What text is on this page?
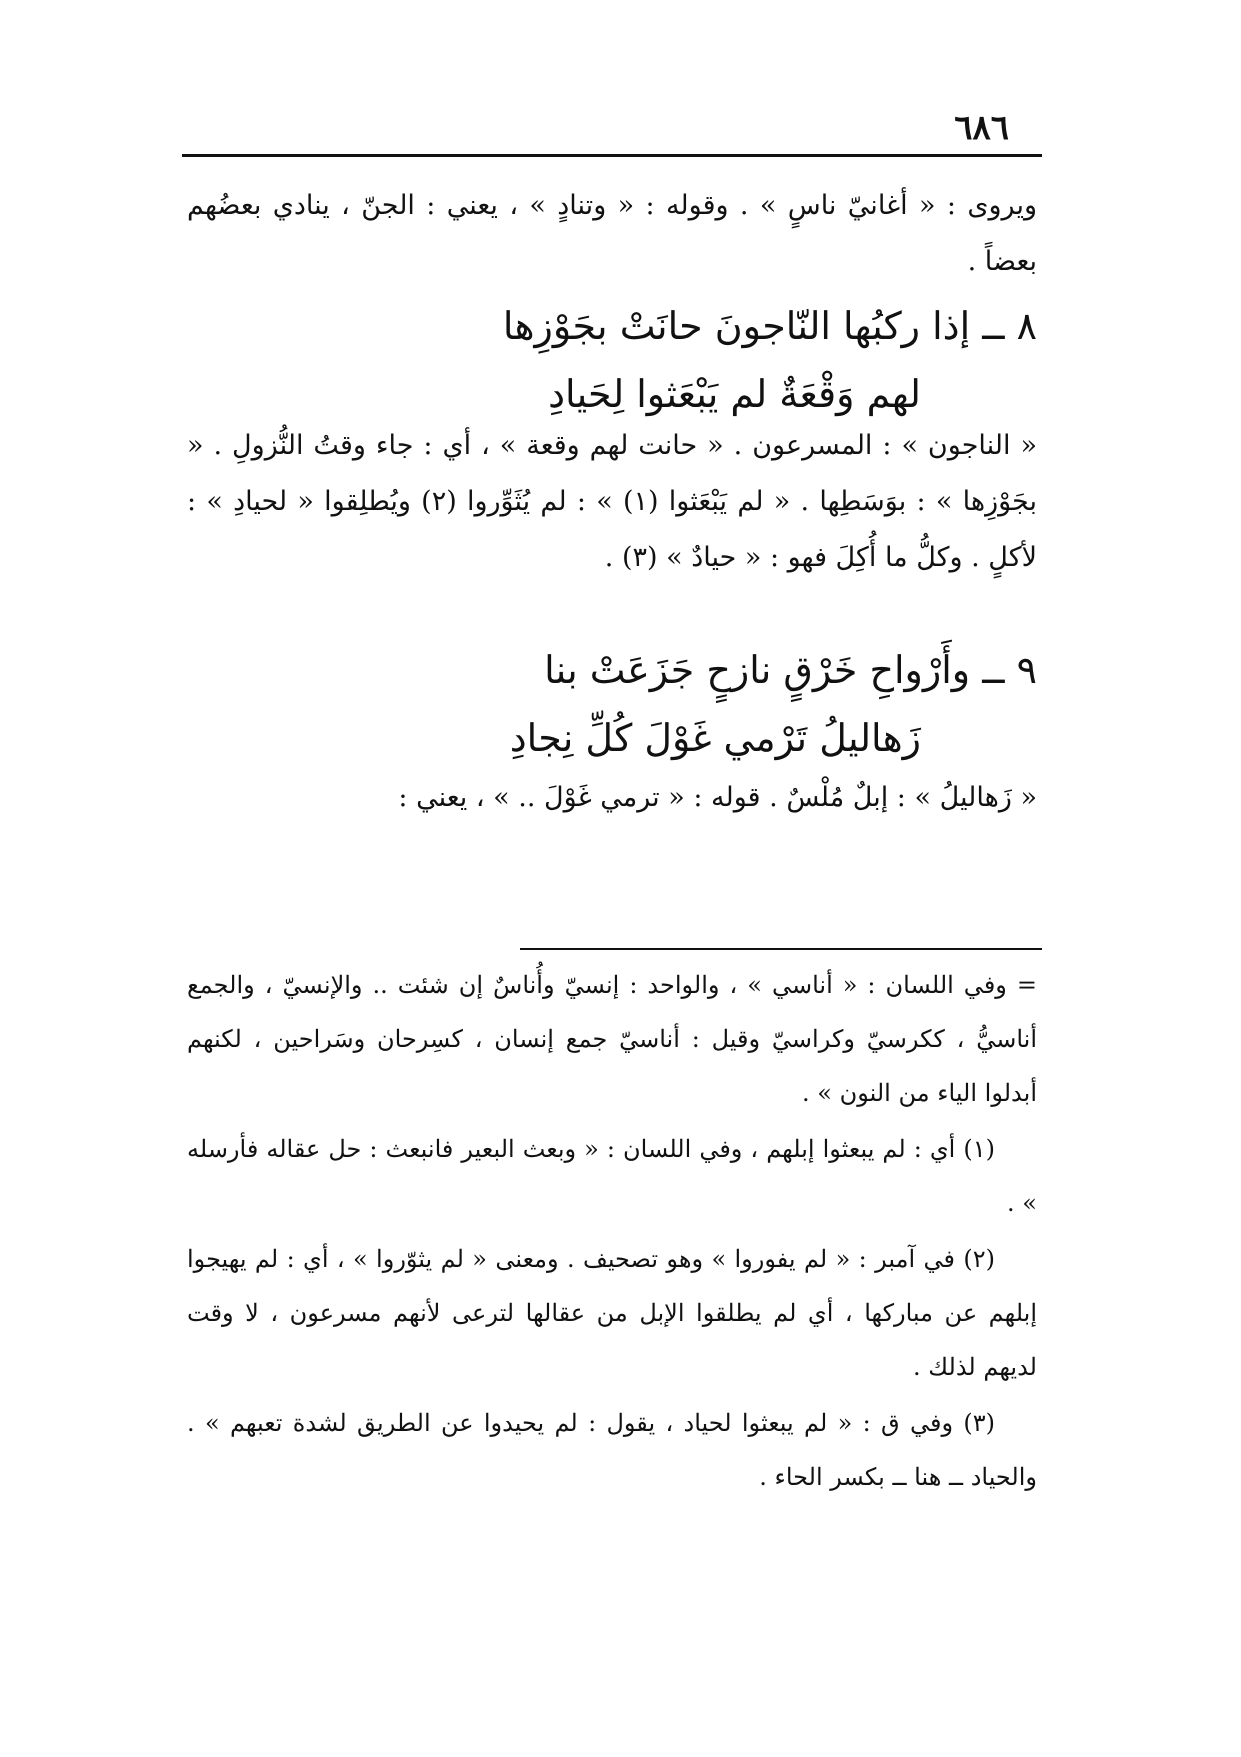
٦٨٦

ويروى : « أغانيّ ناسٍ » . وقوله : « وتنادٍ » ، يعني : الجنّ ، ينادي بعضُهم بعضاً .

٨ ــ إذا ركبُها النّاجونَ حانَتْ بجَوْزِها
لهم وَقْعَةٌ لم يَبْعَثوا لِحَيادِ

« الناجون » : المسرعون . « حانت لهم وقعة » ، أي : جاء وقتُ النُّزولِ . « بجَوْزِها » : بوَسَطِها . « لم يَبْعَثوا (١) » : لم يُثَوِّروا (٢) ويُطلِقوا « لحيادِ » : لأكلٍ . وكلُّ ما أُكِلَ فهو : « حيادٌ » (٣) .

٩ ــ وأَرْواحِ خَرْقٍ نازحٍ جَزَعَتْ بنا
زَهاليلُ تَرْمي غَوْلَ كُلِّ نِجادِ

« زَهاليلُ » : إبلٌ مُلْسٌ . قوله : « ترمي غَوْلَ .. » ، يعني :

= وفي اللسان : « أناسي » ، والواحد : إنسيّ وأُناسٌ إن شئت .. والإنسيّ ، والجمع أناسيُّ ، ككرسيّ وكراسيّ وقيل : أناسيّ جمع إنسان ، كسِرحان وسَراحين ، لكنهم أبدلوا الياء من النون » .

(١) أي : لم يبعثوا إبلهم ، وفي اللسان : « وبعث البعير فانبعث : حل عقاله فأرسله » .

(٢) في آمبر : « لم يفوروا » وهو تصحيف . ومعنى « لم يثوّروا » ، أي : لم يهيجوا إبلهم عن مباركها ، أي لم يطلقوا الإبل من عقالها لترعى لأنهم مسرعون ، لا وقت لديهم لذلك .

(٣) وفي ق : « لم يبعثوا لحياد ، يقول : لم يحيدوا عن الطريق لشدة تعبهم » . والحياد ــ هنا ــ بكسر الحاء .
